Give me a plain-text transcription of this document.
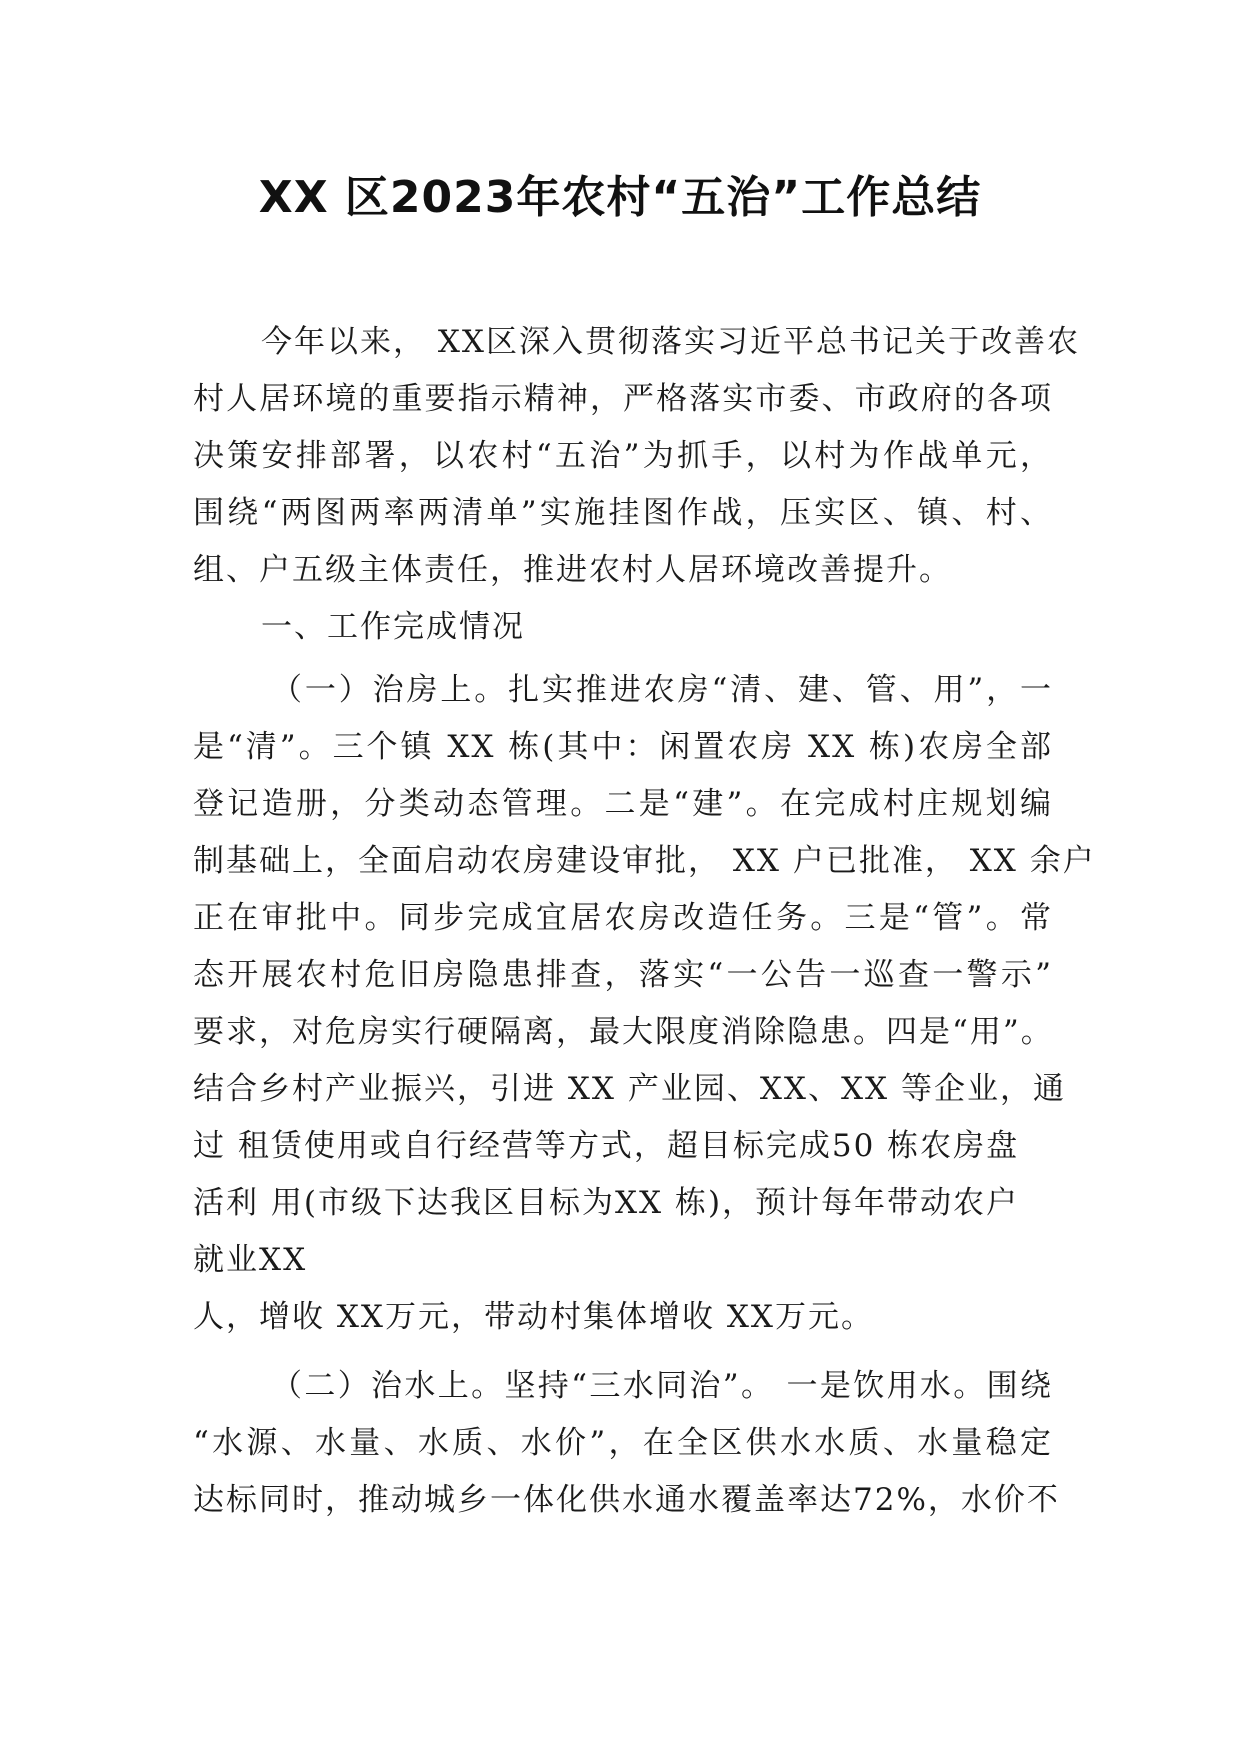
XX 区2023年农村“五治”工作总结
今年以来， XX区深入贯彻落实习近平总书记关于改善农
村人居环境的重要指示精神，严格落实市委、市政府的各项
决策安排部署，以农村“五治”为抓手，以村为作战单元，
围绕“两图两率两清单”实施挂图作战，压实区、镇、村、
组、户五级主体责任，推进农村人居环境改善提升。
一、工作完成情况
（一）治房上。扎实推进农房“清、建、管、用”，一
是“清”。三个镇 XX 栋(其中：闲置农房 XX 栋)农房全部
登记造册，分类动态管理。二是“建”。在完成村庄规划编
制基础上，全面启动农房建设审批， XX 户已批准， XX 余户
正在审批中。同步完成宜居农房改造任务。三是“管”。常
态开展农村危旧房隐患排查，落实“一公告一巡查一警示”
要求，对危房实行硬隔离，最大限度消除隐患。四是“用”。
结合乡村产业振兴，引进 XX 产业园、XX、XX 等企业，通
过 租赁使用或自行经营等方式，超目标完成50 栋农房盘
活利 用(市级下达我区目标为XX 栋)，预计每年带动农户
就业XX
人，增收 XX万元，带动村集体增收 XX万元。
（二）治水上。坚持“三水同治”。 一是饮用水。围绕
“水源、水量、水质、水价”，在全区供水水质、水量稳定
达标同时，推动城乡一体化供水通水覆盖率达72%，水价不
